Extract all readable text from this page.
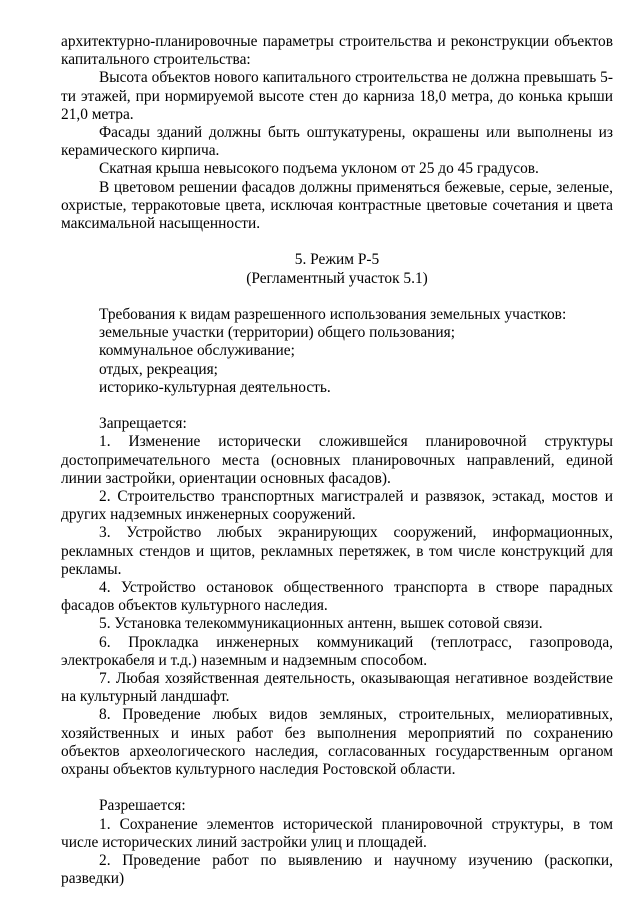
архитектурно-планировочные параметры строительства и реконструкции объектов капитального строительства:

Высота объектов нового капитального строительства не должна превышать 5-ти этажей, при нормируемой высоте стен до карниза 18,0 метра, до конька крыши 21,0 метра.

Фасады зданий должны быть оштукатурены, окрашены или выполнены из керамического кирпича.

Скатная крыша невысокого подъема уклоном от 25 до 45 градусов.

В цветовом решении фасадов должны применяться бежевые, серые, зеленые, охристые, терракотовые цвета, исключая контрастные цветовые сочетания и цвета максимальной насыщенности.

5. Режим Р-5

(Регламентный участок 5.1)

Требования к видам разрешенного использования земельных участков:

земельные участки (территории) общего пользования;

коммунальное обслуживание;

отдых, рекреация;

историко-культурная деятельность.

Запрещается:

1. Изменение исторически сложившейся планировочной структуры достопримечательного места (основных планировочных направлений, единой линии застройки, ориентации основных фасадов).

2. Строительство транспортных магистралей и развязок, эстакад, мостов и других надземных инженерных сооружений.

3. Устройство любых экранирующих сооружений, информационных, рекламных стендов и щитов, рекламных перетяжек, в том числе конструкций для рекламы.

4. Устройство остановок общественного транспорта в створе парадных фасадов объектов культурного наследия.

5. Установка телекоммуникационных антенн, вышек сотовой связи.

6. Прокладка инженерных коммуникаций (теплотрасс, газопровода, электрокабеля и т.д.) наземным и надземным способом.

7. Любая хозяйственная деятельность, оказывающая негативное воздействие на культурный ландшафт.

8. Проведение любых видов земляных, строительных, мелиоративных, хозяйственных и иных работ без выполнения мероприятий по сохранению объектов археологического наследия, согласованных государственным органом охраны объектов культурного наследия Ростовской области.

Разрешается:

1. Сохранение элементов исторической планировочной структуры, в том числе исторических линий застройки улиц и площадей.

2. Проведение работ по выявлению и научному изучению (раскопки, разведки)
